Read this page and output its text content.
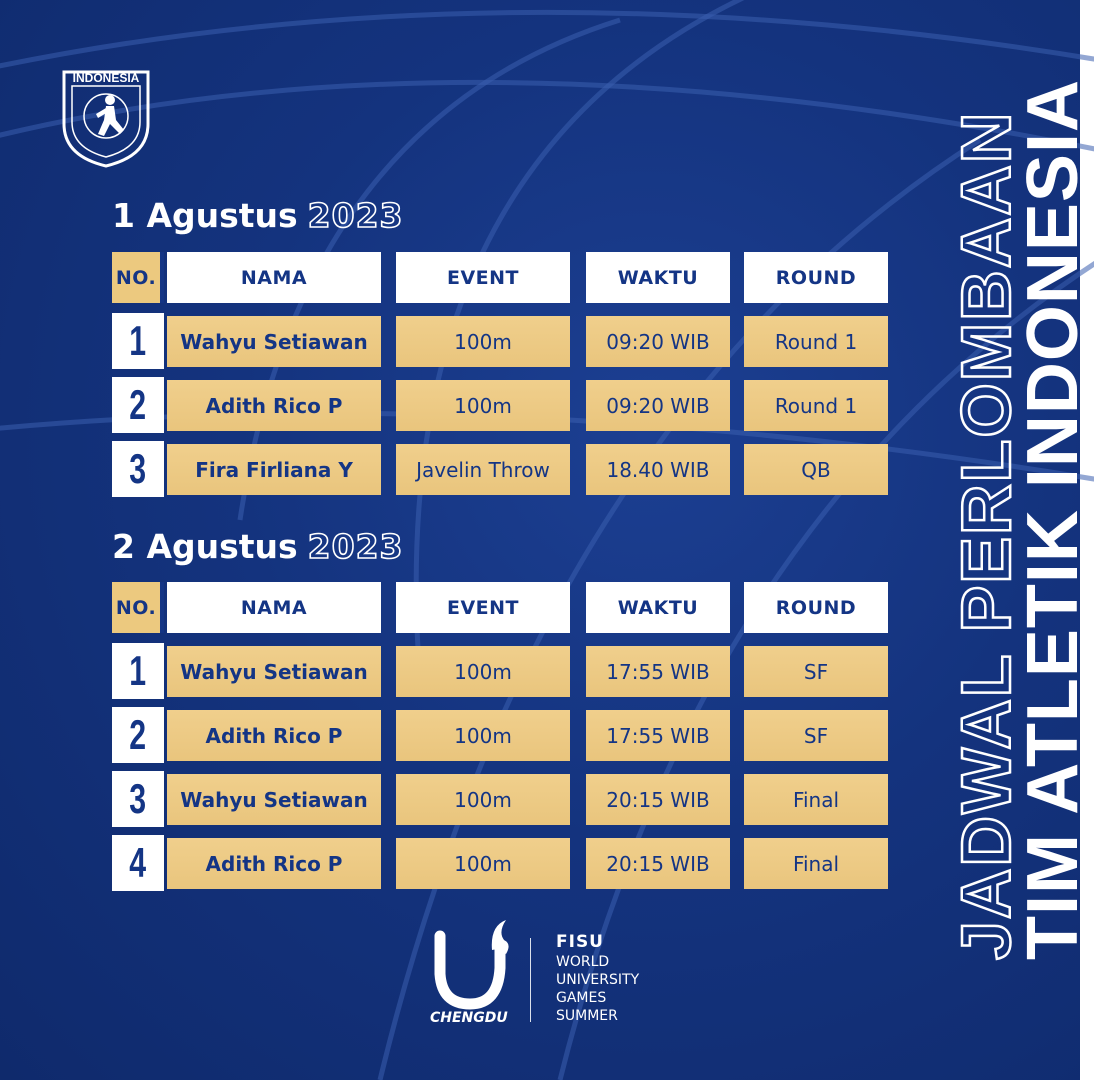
INDONESIA
JADWAL PERLOMBAAN
TIM ATLETIK INDONESIA
1 Agustus 2023
NO.	NAMA	EVENT	WAKTU	ROUND
1	Wahyu Setiawan	100m	09:20 WIB	Round 1
2	Adith Rico P	100m	09:20 WIB	Round 1
3	Fira Firliana Y	Javelin Throw	18.40 WIB	QB
2 Agustus 2023
NO.	NAMA	EVENT	WAKTU	ROUND
1	Wahyu Setiawan	100m	17:55 WIB	SF
2	Adith Rico P	100m	17:55 WIB	SF
3	Wahyu Setiawan	100m	20:15 WIB	Final
4	Adith Rico P	100m	20:15 WIB	Final
CHENGDU
FISU
WORLD
UNIVERSITY
GAMES
SUMMER
